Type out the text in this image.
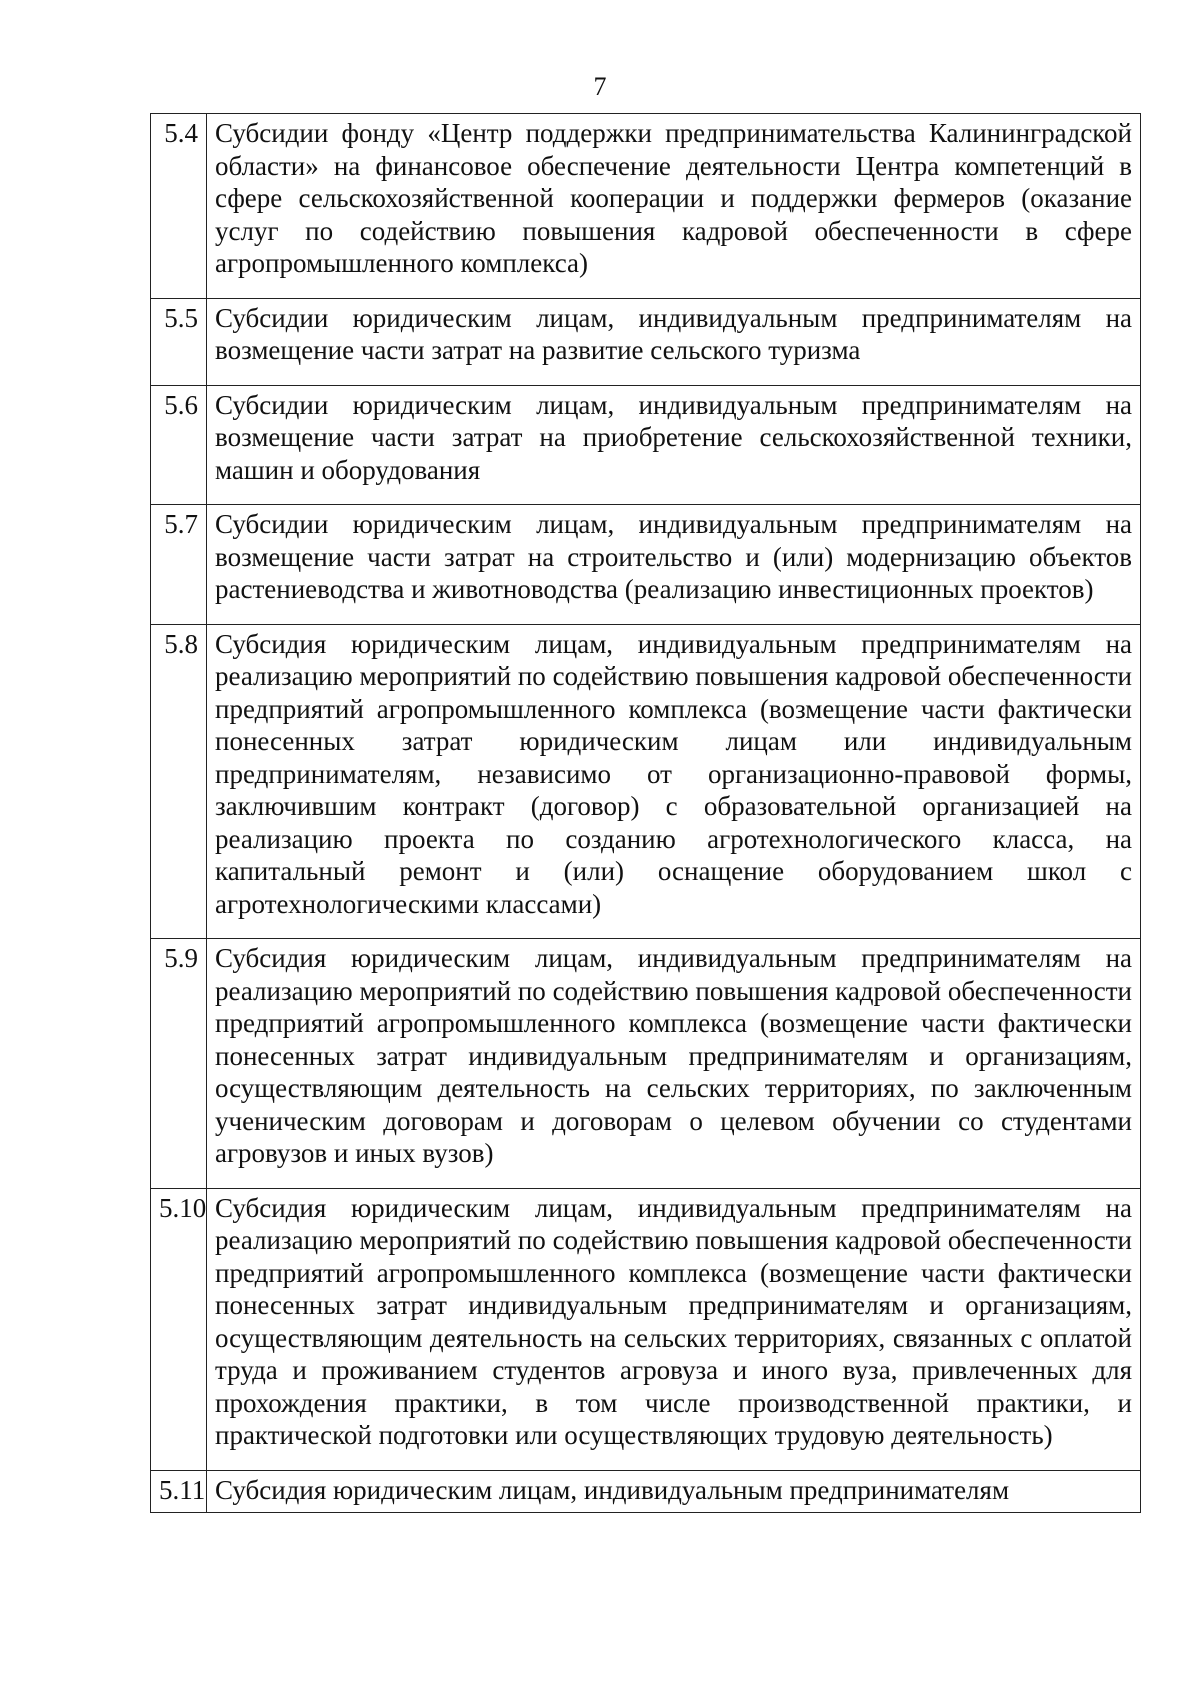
7
5.4	Субсидии фонду «Центр поддержки предпринимательства Калининградской области» на финансовое обеспечение деятельности Центра компетенций в сфере сельскохозяйственной кооперации и поддержки фермеров (оказание услуг по содействию повышения кадровой обеспеченности в сфере агропромышленного комплекса)
5.5	Субсидии юридическим лицам, индивидуальным предпринимателям на возмещение части затрат на развитие сельского туризма
5.6	Субсидии юридическим лицам, индивидуальным предпринимателям на возмещение части затрат на приобретение сельскохозяйственной техники, машин и оборудования
5.7	Субсидии юридическим лицам, индивидуальным предпринимателям на возмещение части затрат на строительство и (или) модернизацию объектов растениеводства и животноводства (реализацию инвестиционных проектов)
5.8	Субсидия юридическим лицам, индивидуальным предпринимателям на реализацию мероприятий по содействию повышения кадровой обеспеченности предприятий агропромышленного комплекса (возмещение части фактически понесенных затрат юридическим лицам или индивидуальным предпринимателям, независимо от организационно-правовой формы, заключившим контракт (договор) с образовательной организацией на реализацию проекта по созданию агротехнологического класса, на капитальный ремонт и (или) оснащение оборудованием школ с агротехнологическими классами)
5.9	Субсидия юридическим лицам, индивидуальным предпринимателям на реализацию мероприятий по содействию повышения кадровой обеспеченности предприятий агропромышленного комплекса (возмещение части фактически понесенных затрат индивидуальным предпринимателям и организациям, осуществляющим деятельность на сельских территориях, по заключенным ученическим договорам и договорам о целевом обучении со студентами агровузов и иных вузов)
5.10	Субсидия юридическим лицам, индивидуальным предпринимателям на реализацию мероприятий по содействию повышения кадровой обеспеченности предприятий агропромышленного комплекса (возмещение части фактически понесенных затрат индивидуальным предпринимателям и организациям, осуществляющим деятельность на сельских территориях, связанных с оплатой труда и проживанием студентов агровуза и иного вуза, привлеченных для прохождения практики, в том числе производственной практики, и практической подготовки или осуществляющих трудовую деятельность)
5.11	Субсидия юридическим лицам, индивидуальным предпринимателям
